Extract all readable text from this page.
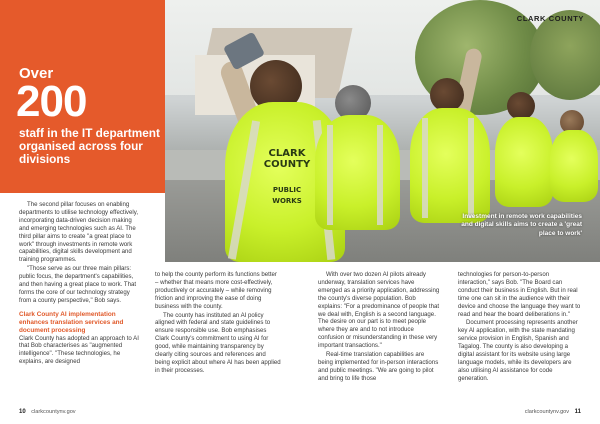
CLARK COUNTY
PUBLIC WORKS
CLARK COUNTY
Investment in remote work capabilities and digital skills aims to create a 'great place to work'
Over
200
staff in the IT department organised across four divisions

The second pillar focuses on enabling departments to utilise technology effectively, incorporating data-driven decision making and emerging technologies such as AI. The third pillar aims to create "a great place to work" through investments in remote work capabilities, digital skills development and training programmes.

"Those serve as our three main pillars: public focus, the department's capabilities, and then having a great place to work. That forms the core of our technology strategy from a county perspective," Bob says.

Clark County AI implementation enhances translation services and document processing

Clark County has adopted an approach to AI that Bob characterises as "augmented intelligence". "These technologies, he explains, are designed

to help the county perform its functions better – whether that means more cost-effectively, productively or accurately – while removing friction and improving the ease of doing business with the county.

The county has instituted an AI policy aligned with federal and state guidelines to ensure responsible use. Bob emphasises Clark County's commitment to using AI for good, while maintaining transparency by clearly citing sources and references and being explicit about where AI has been applied in their processes.

With over two dozen AI pilots already underway, translation services have emerged as a priority application, addressing the county's diverse population. Bob explains: "For a predominance of people that we deal with, English is a second language. The desire on our part is to meet people where they are and to not introduce confusion or misunderstanding in these very important transactions."

Real-time translation capabilities are being implemented for in-person interactions and public meetings. "We are going to pilot and bring to life those

technologies for person-to-person interaction," says Bob. "The Board can conduct their business in English. But in real time one can sit in the audience with their device and choose the language they want to read and hear the board deliberations in."

Document processing represents another key AI application, with the state mandating service provision in English, Spanish and Tagalog. The county is also developing a digital assistant for its website using large language models, while its developers are also utilising AI assistance for code generation.

10 clarkcountynv.gov	clarkcountynv.gov 11
